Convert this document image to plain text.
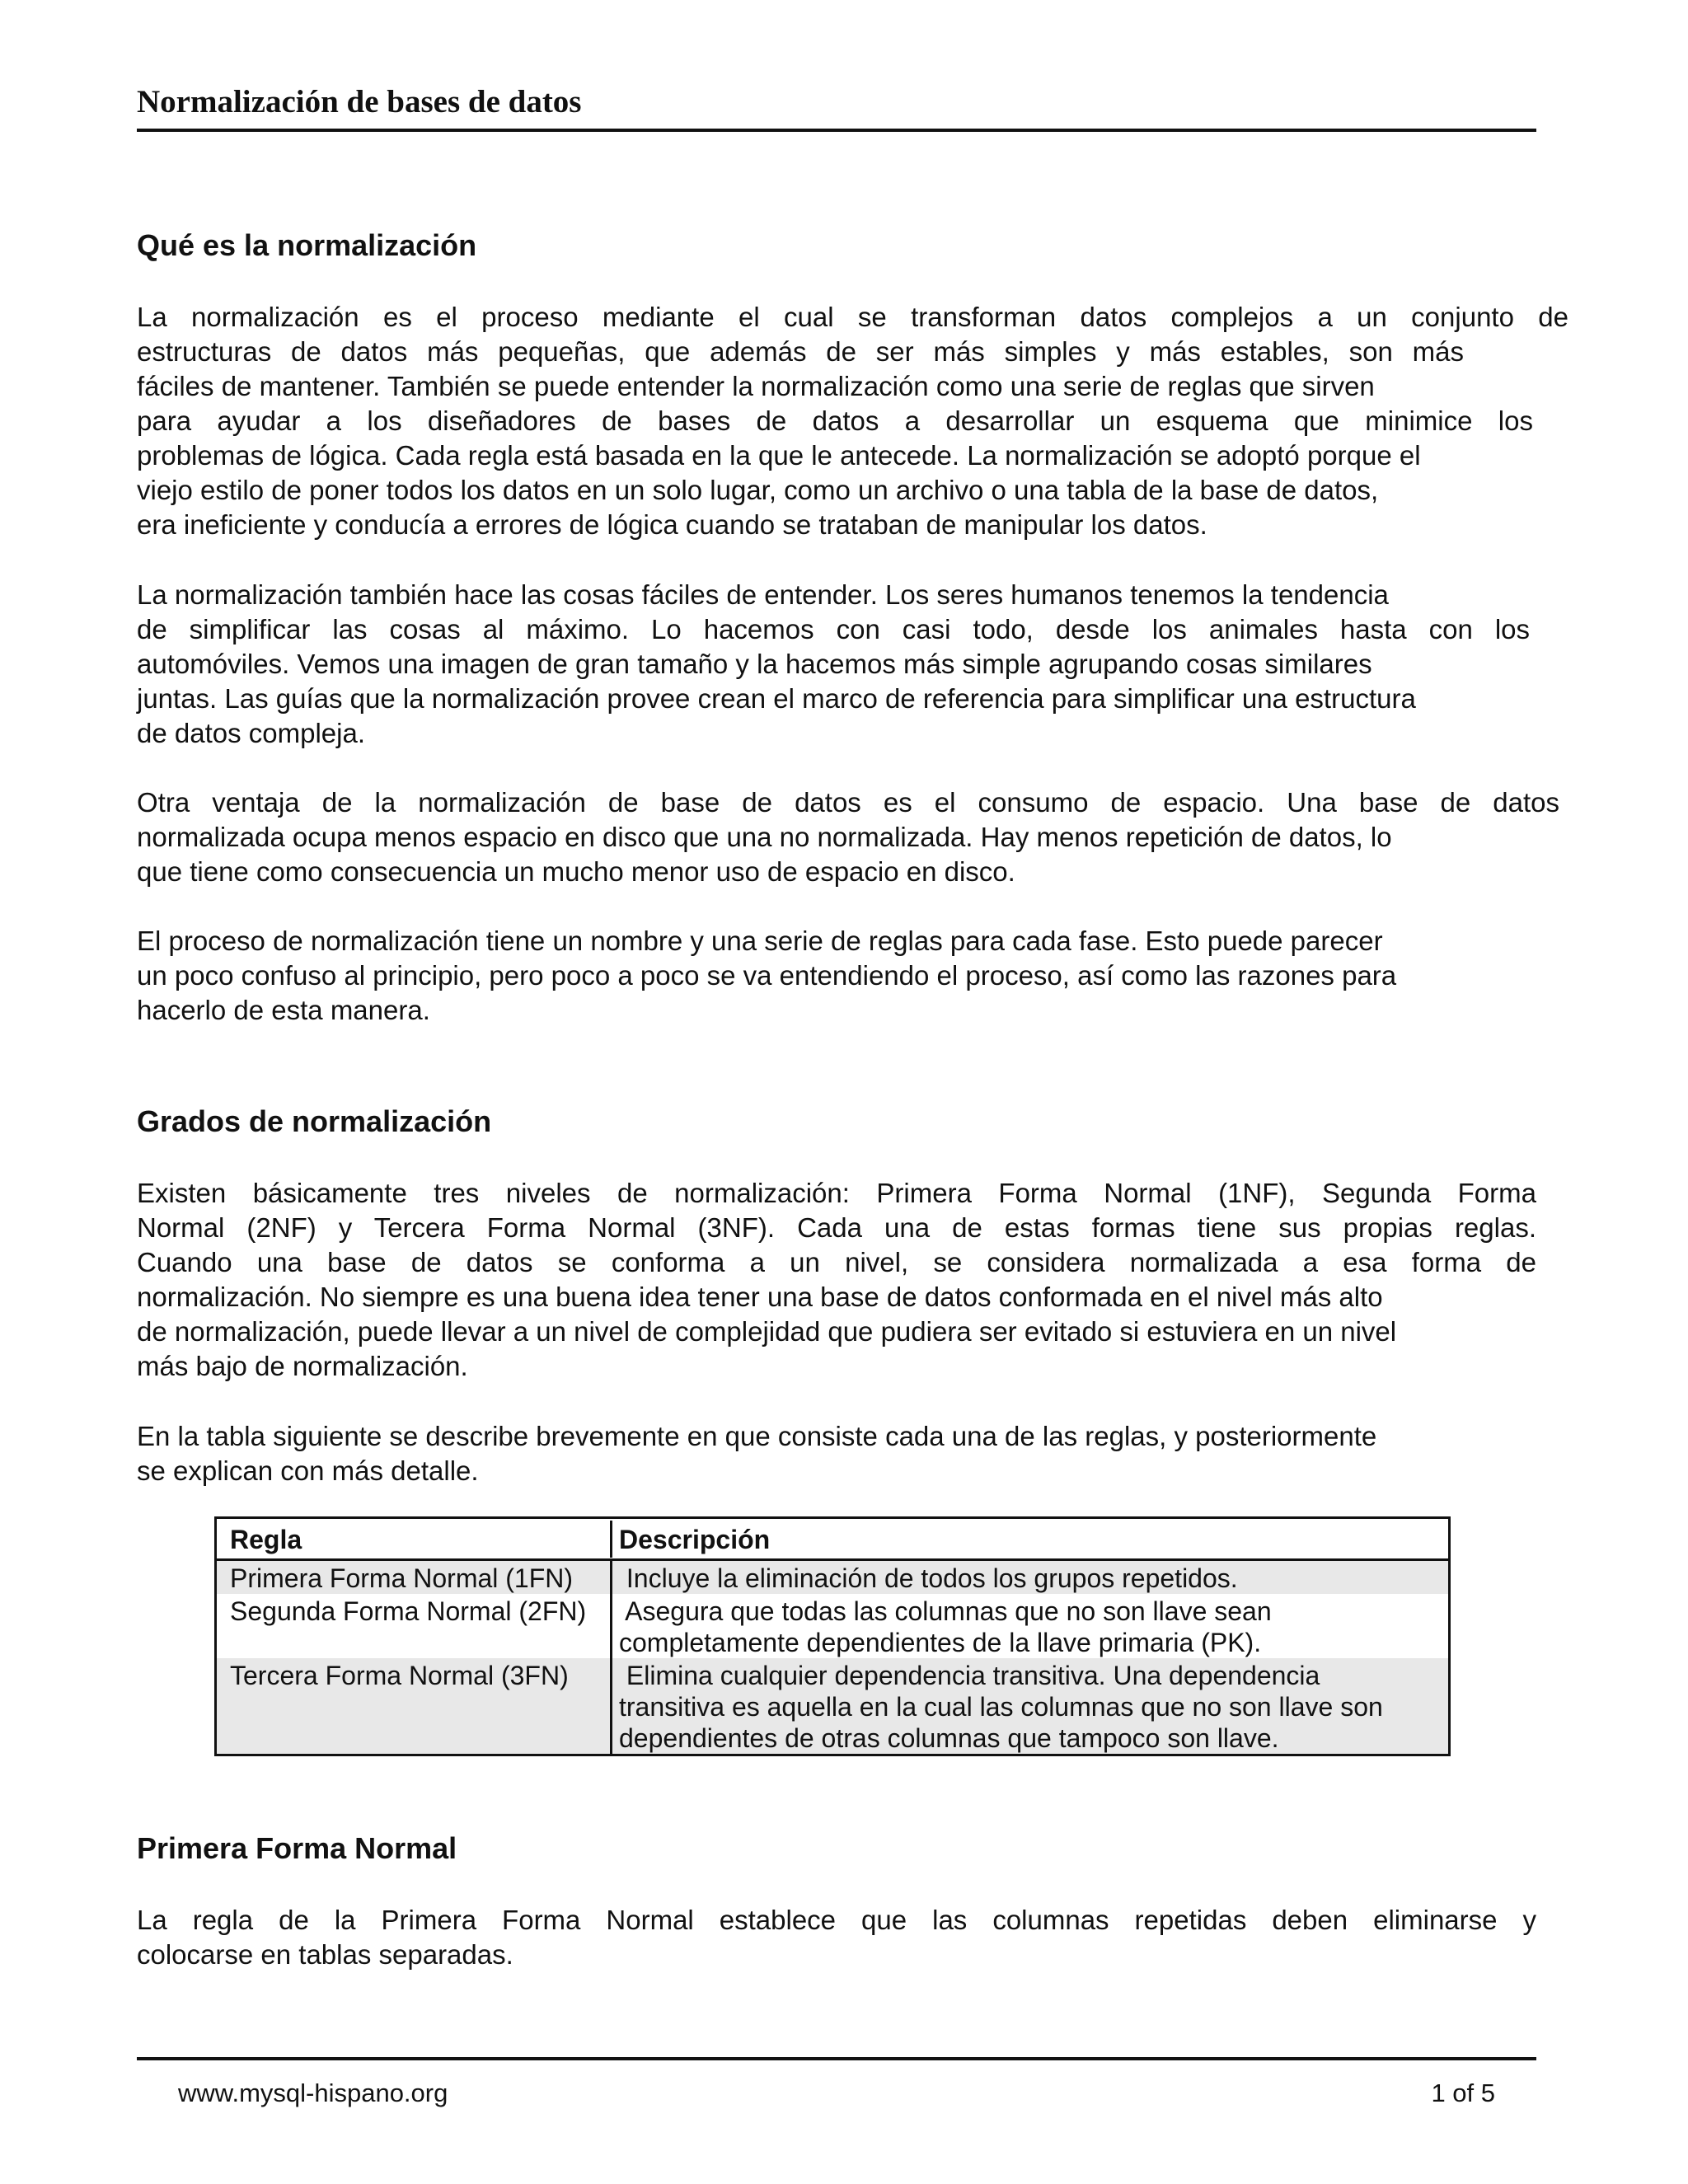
Normalización de bases de datos
Qué es la normalización
La normalización es el proceso mediante el cual se transforman datos complejos a un conjunto de
estructuras de datos más pequeñas, que además de ser más simples y más estables, son más
fáciles de mantener. También se puede entender la normalización como una serie de reglas que sirven
para ayudar a los diseñadores de bases de datos a desarrollar un esquema que minimice los
problemas de lógica. Cada regla está basada en la que le antecede. La normalización se adoptó porque el
viejo estilo de poner todos los datos en un solo lugar, como un archivo o una tabla de la base de datos,
era ineficiente y conducía a errores de lógica cuando se trataban de manipular los datos.
La normalización también hace las cosas fáciles de entender. Los seres humanos tenemos la tendencia
de simplificar las cosas al máximo. Lo hacemos con casi todo, desde los animales hasta con los
automóviles. Vemos una imagen de gran tamaño y la hacemos más simple agrupando cosas similares
juntas. Las guías que la normalización provee crean el marco de referencia para simplificar una estructura
de datos compleja.
Otra ventaja de la normalización de base de datos es el consumo de espacio. Una base de datos
normalizada ocupa menos espacio en disco que una no normalizada. Hay menos repetición de datos, lo
que tiene como consecuencia un mucho menor uso de espacio en disco.
El proceso de normalización tiene un nombre y una serie de reglas para cada fase. Esto puede parecer
un poco confuso al principio, pero poco a poco se va entendiendo el proceso, así como las razones para
hacerlo de esta manera.
Grados de normalización
Existen básicamente tres niveles de normalización: Primera Forma Normal (1NF), Segunda Forma
Normal (2NF) y Tercera Forma Normal (3NF). Cada una de estas formas tiene sus propias reglas.
Cuando una base de datos se conforma a un nivel, se considera normalizada a esa forma de
normalización. No siempre es una buena idea tener una base de datos conformada en el nivel más alto
de normalización, puede llevar a un nivel de complejidad que pudiera ser evitado si estuviera en un nivel
más bajo de normalización.
En la tabla siguiente se describe brevemente en que consiste cada una de las reglas, y posteriormente
se explican con más detalle.
Primera Forma Normal
La regla de la Primera Forma Normal establece que las columnas repetidas deben eliminarse y
colocarse en tablas separadas.
Regla	Descripción
Primera Forma Normal (1FN)	Incluye la eliminación de todos los grupos repetidos.
Segunda Forma Normal (2FN)	Asegura que todas las columnas que no son llave sean
completamente dependientes de la llave primaria (PK).
Tercera Forma Normal (3FN)	Elimina cualquier dependencia transitiva. Una dependencia
transitiva es aquella en la cual las columnas que no son llave son
dependientes de otras columnas que tampoco son llave.
www.mysql-hispano.org	1 of 5
